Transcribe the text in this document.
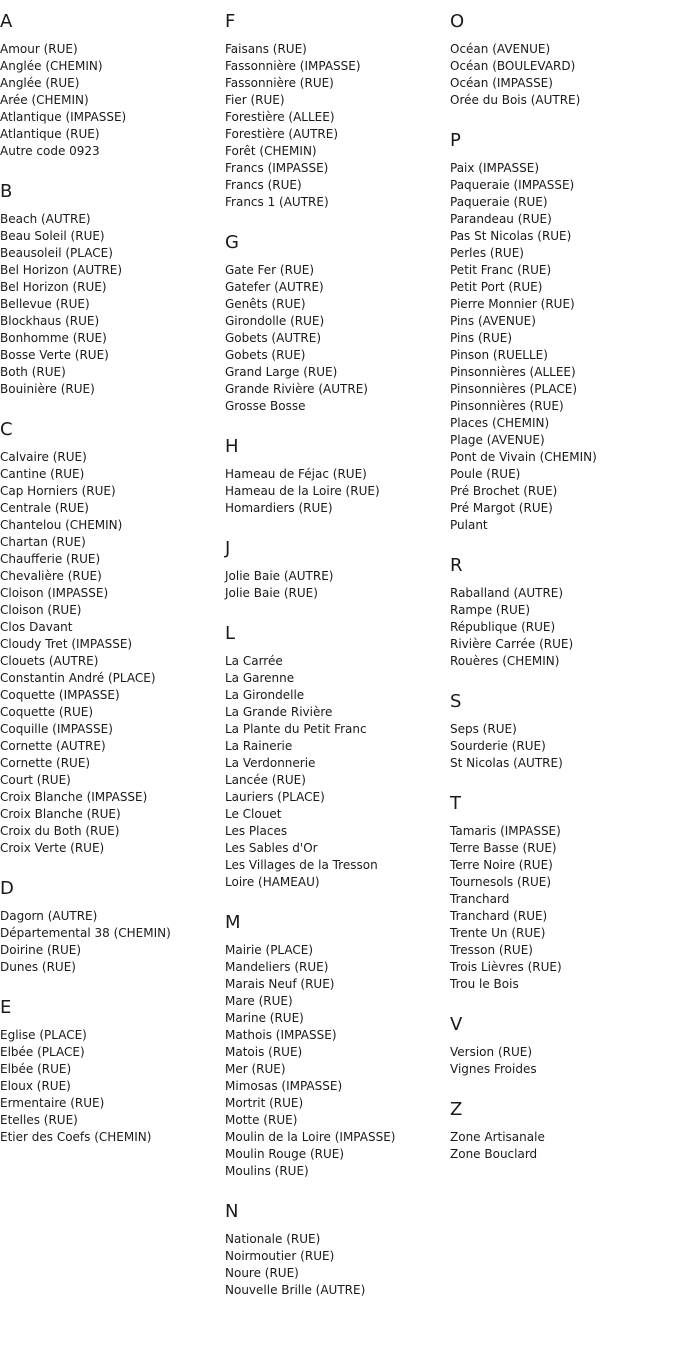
A
Amour (RUE)
Anglée (CHEMIN)
Anglée (RUE)
Arée (CHEMIN)
Atlantique (IMPASSE)
Atlantique (RUE)
Autre code 0923
B
Beach (AUTRE)
Beau Soleil (RUE)
Beausoleil (PLACE)
Bel Horizon (AUTRE)
Bel Horizon (RUE)
Bellevue (RUE)
Blockhaus (RUE)
Bonhomme (RUE)
Bosse Verte (RUE)
Both (RUE)
Bouinière (RUE)
C
Calvaire (RUE)
Cantine (RUE)
Cap Horniers (RUE)
Centrale (RUE)
Chantelou (CHEMIN)
Chartan (RUE)
Chaufferie (RUE)
Chevalière (RUE)
Cloison (IMPASSE)
Cloison (RUE)
Clos Davant
Cloudy Tret (IMPASSE)
Clouets (AUTRE)
Constantin André (PLACE)
Coquette (IMPASSE)
Coquette (RUE)
Coquille (IMPASSE)
Cornette (AUTRE)
Cornette (RUE)
Court (RUE)
Croix Blanche (IMPASSE)
Croix Blanche (RUE)
Croix du Both (RUE)
Croix Verte (RUE)
D
Dagorn (AUTRE)
Départemental 38 (CHEMIN)
Doirine (RUE)
Dunes (RUE)
E
Eglise (PLACE)
Elbée (PLACE)
Elbée (RUE)
Eloux (RUE)
Ermentaire (RUE)
Etelles (RUE)
Etier des Coefs (CHEMIN)
F
Faisans (RUE)
Fassonnière (IMPASSE)
Fassonnière (RUE)
Fier (RUE)
Forestière (ALLEE)
Forestière (AUTRE)
Forêt (CHEMIN)
Francs (IMPASSE)
Francs (RUE)
Francs 1 (AUTRE)
G
Gate Fer (RUE)
Gatefer (AUTRE)
Genêts (RUE)
Girondolle (RUE)
Gobets (AUTRE)
Gobets (RUE)
Grand Large (RUE)
Grande Rivière (AUTRE)
Grosse Bosse
H
Hameau de Féjac (RUE)
Hameau de la Loire (RUE)
Homardiers (RUE)
J
Jolie Baie (AUTRE)
Jolie Baie (RUE)
L
La Carrée
La Garenne
La Girondelle
La Grande Rivière
La Plante du Petit Franc
La Rainerie
La Verdonnerie
Lancée (RUE)
Lauriers (PLACE)
Le Clouet
Les Places
Les Sables d'Or
Les Villages de la Tresson
Loire (HAMEAU)
M
Mairie (PLACE)
Mandeliers (RUE)
Marais Neuf (RUE)
Mare (RUE)
Marine (RUE)
Mathois (IMPASSE)
Matois (RUE)
Mer (RUE)
Mimosas (IMPASSE)
Mortrit (RUE)
Motte (RUE)
Moulin de la Loire (IMPASSE)
Moulin Rouge (RUE)
Moulins (RUE)
N
Nationale (RUE)
Noirmoutier (RUE)
Noure (RUE)
Nouvelle Brille (AUTRE)
O
Océan (AVENUE)
Océan (BOULEVARD)
Océan (IMPASSE)
Orée du Bois (AUTRE)
P
Paix (IMPASSE)
Paqueraie (IMPASSE)
Paqueraie (RUE)
Parandeau (RUE)
Pas St Nicolas (RUE)
Perles (RUE)
Petit Franc (RUE)
Petit Port (RUE)
Pierre Monnier (RUE)
Pins (AVENUE)
Pins (RUE)
Pinson (RUELLE)
Pinsonnières (ALLEE)
Pinsonnières (PLACE)
Pinsonnières (RUE)
Places (CHEMIN)
Plage (AVENUE)
Pont de Vivain (CHEMIN)
Poule (RUE)
Pré Brochet (RUE)
Pré Margot (RUE)
Pulant
R
Raballand (AUTRE)
Rampe (RUE)
République (RUE)
Rivière Carrée (RUE)
Rouères (CHEMIN)
S
Seps (RUE)
Sourderie (RUE)
St Nicolas (AUTRE)
T
Tamaris (IMPASSE)
Terre Basse (RUE)
Terre Noire (RUE)
Tournesols (RUE)
Tranchard
Tranchard (RUE)
Trente Un (RUE)
Tresson (RUE)
Trois Lièvres (RUE)
Trou le Bois
V
Version (RUE)
Vignes Froides
Z
Zone Artisanale
Zone Bouclard
